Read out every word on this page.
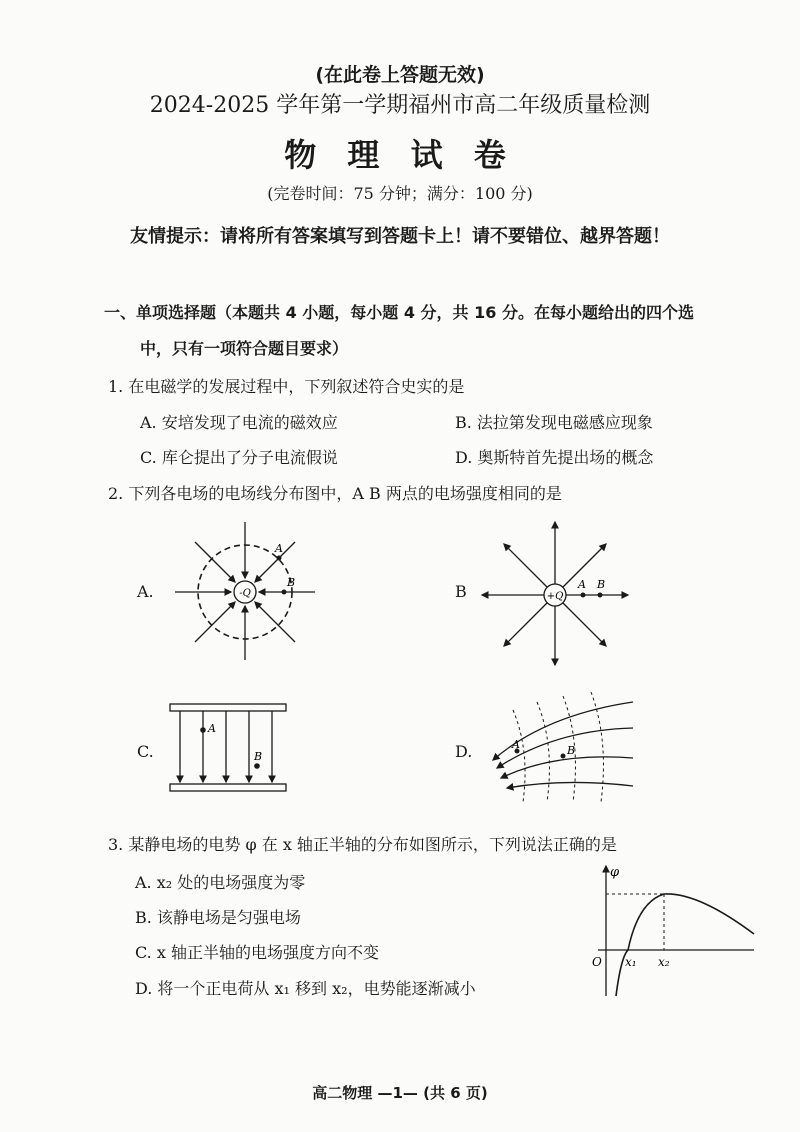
(在此卷上答题无效)
2024-2025 学年第一学期福州市高二年级质量检测
物 理 试 卷
(完卷时间：75 分钟；满分：100 分)
友情提示：请将所有答案填写到答题卡上！请不要错位、越界答题！
一、单项选择题（本题共 4 小题，每小题 4 分，共 16 分。在每小题给出的四个选
中，只有一项符合题目要求）
1. 在电磁学的发展过程中，下列叙述符合史实的是
A. 安培发现了电流的磁效应	B. 法拉第发现电磁感应现象
C. 库仑提出了分子电流假说	D. 奥斯特首先提出场的概念
2. 下列各电场的电场线分布图中，A B 两点的电场强度相同的是
A.	-Q
A
B	B	+Q
A B
C.
A
B	D.	A	B
3. 某静电场的电势 φ 在 x 轴正半轴的分布如图所示，下列说法正确的是
A. x₂ 处的电场强度为零
B. 该静电场是匀强电场
C. x 轴正半轴的电场强度方向不变
D. 将一个正电荷从 x₁ 移到 x₂，电势能逐渐减小
φ
O x₁ x₂
高二物理 —1— (共 6 页)
